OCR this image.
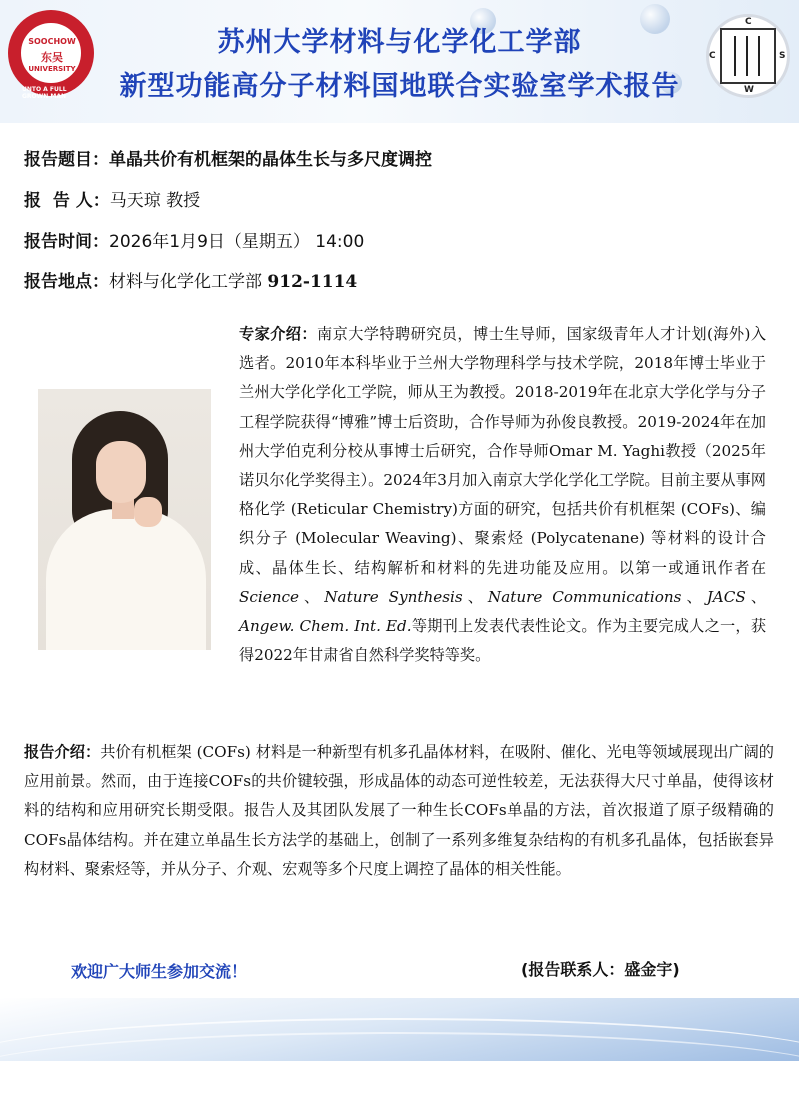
SOOCHOW
东吴
UNIVERSITY
UNTO A FULL GROWN MAN
苏州大学材料与化学化工学部
新型功能高分子材料国地联合实验室学术报告
C
C	S
W
报告题目：单晶共价有机框架的晶体生长与多尺度调控
报  告 人：马天琼 教授
报告时间：2026年1月9日（星期五） 14:00
报告地点：材料与化学化工学部 912-1114
专家介绍：南京大学特聘研究员，博士生导师，国家级青年人才计划(海外)入选者。2010年本科毕业于兰州大学物理科学与技术学院，2018年博士毕业于兰州大学化学化工学院，师从王为教授。2018-2019年在北京大学化学与分子工程学院获得“博雅”博士后资助，合作导师为孙俊良教授。2019-2024年在加州大学伯克利分校从事博士后研究，合作导师Omar M. Yaghi教授（2025年诺贝尔化学奖得主）。2024年3月加入南京大学化学化工学院。目前主要从事网格化学 (Reticular Chemistry)方面的研究，包括共价有机框架 (COFs)、编织分子 (Molecular Weaving)、聚索烃 (Polycatenane) 等材料的设计合成、晶体生长、结构解析和材料的先进功能及应用。以第一或通讯作者在Science、Nature Synthesis、Nature Communications、JACS、Angew. Chem. Int. Ed.等期刊上发表代表性论文。作为主要完成人之一，获得2022年甘肃省自然科学奖特等奖。
报告介绍：共价有机框架 (COFs) 材料是一种新型有机多孔晶体材料，在吸附、催化、光电等领域展现出广阔的应用前景。然而，由于连接COFs的共价键较强，形成晶体的动态可逆性较差，无法获得大尺寸单晶，使得该材料的结构和应用研究长期受限。报告人及其团队发展了一种生长COFs单晶的方法，首次报道了原子级精确的COFs晶体结构。并在建立单晶生长方法学的基础上，创制了一系列多维复杂结构的有机多孔晶体，包括嵌套异构材料、聚索烃等，并从分子、介观、宏观等多个尺度上调控了晶体的相关性能。
欢迎广大师生参加交流！	(报告联系人：盛金宇)
